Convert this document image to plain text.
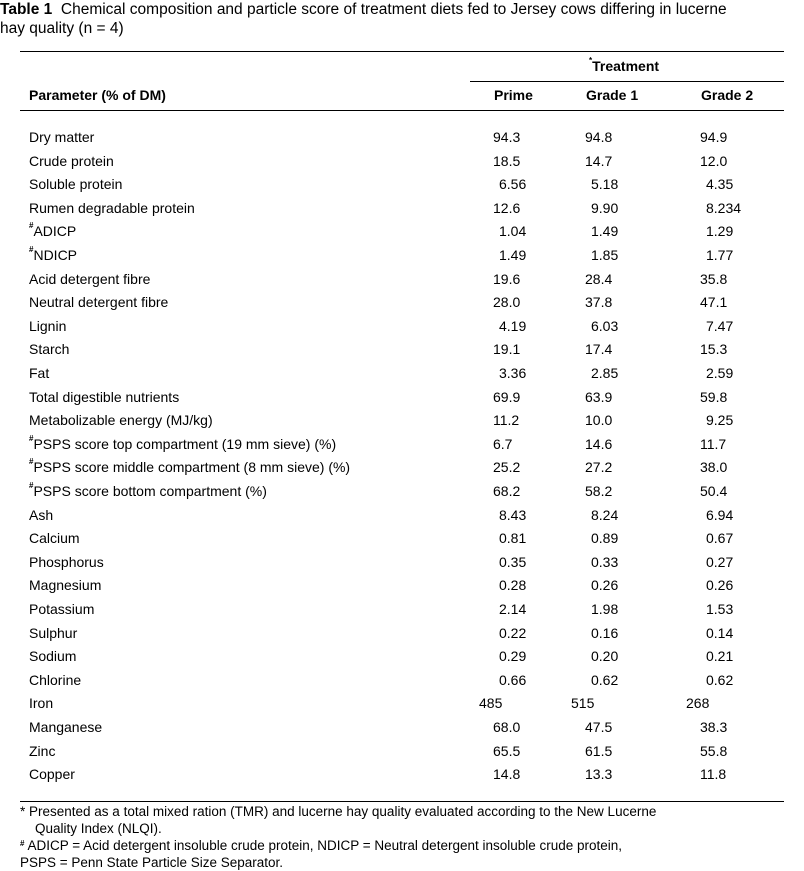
Table 1 Chemical composition and particle score of treatment diets fed to Jersey cows differing in lucerne
hay quality (n = 4)
*Treatment
Parameter (% of DM)	Prime	Grade 1	Grade 2
Dry matter	94.3	94.8	94.9
Crude protein	18.5	14.7	12.0
Soluble protein	6.56	5.18	4.35
Rumen degradable protein	12.6	9.90	8.234
#ADICP	1.04	1.49	1.29
#NDICP	1.49	1.85	1.77
Acid detergent fibre	19.6	28.4	35.8
Neutral detergent fibre	28.0	37.8	47.1
Lignin	4.19	6.03	7.47
Starch	19.1	17.4	15.3
Fat	3.36	2.85	2.59
Total digestible nutrients	69.9	63.9	59.8
Metabolizable energy (MJ/kg)	11.2	10.0	9.25
#PSPS score top compartment (19 mm sieve) (%)	6.7	14.6	11.7
#PSPS score middle compartment (8 mm sieve) (%)	25.2	27.2	38.0
#PSPS score bottom compartment (%)	68.2	58.2	50.4
Ash	8.43	8.24	6.94
Calcium	0.81	0.89	0.67
Phosphorus	0.35	0.33	0.27
Magnesium	0.28	0.26	0.26
Potassium	2.14	1.98	1.53
Sulphur	0.22	0.16	0.14
Sodium	0.29	0.20	0.21
Chlorine	0.66	0.62	0.62
Iron	485	515	268
Manganese	68.0	47.5	38.3
Zinc	65.5	61.5	55.8
Copper	14.8	13.3	11.8
* Presented as a total mixed ration (TMR) and lucerne hay quality evaluated according to the New Lucerne
Quality Index (NLQI).
# ADICP = Acid detergent insoluble crude protein, NDICP = Neutral detergent insoluble crude protein,
PSPS = Penn State Particle Size Separator.
